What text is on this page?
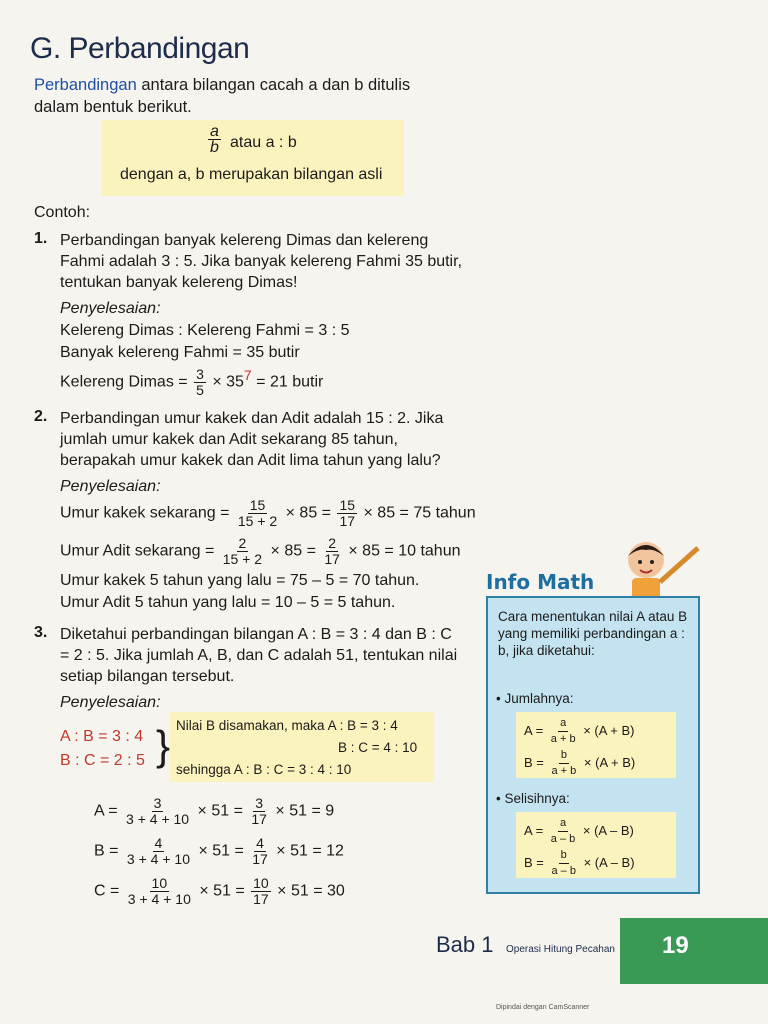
G. Perbandingan
Perbandingan antara bilangan cacah a dan b ditulis dalam bentuk berikut.
$\frac{a}{b}$ atau a : b
dengan a, b merupakan bilangan asli
Contoh:
1. Perbandingan banyak kelereng Dimas dan kelereng Fahmi adalah 3 : 5. Jika banyak kelereng Fahmi 35 butir, tentukan banyak kelereng Dimas!
Penyelesaian:
Kelereng Dimas : Kelereng Fahmi = 3 : 5
Banyak kelereng Fahmi = 35 butir
Kelereng Dimas = $\frac{3}{5} \times 35^7 = 21$ butir
2. Perbandingan umur kakek dan Adit adalah 15 : 2. Jika jumlah umur kakek dan Adit sekarang 85 tahun, berapakah umur kakek dan Adit lima tahun yang lalu?
Penyelesaian:
Umur kakek sekarang = $\frac{15}{15 + 2} \times 85 = \frac{15}{17} \times 85 = 75$ tahun
Umur Adit sekarang = $\frac{2}{15 + 2} \times 85 = \frac{2}{17} \times 85 = 10$ tahun
Umur kakek 5 tahun yang lalu = 75 – 5 = 70 tahun.
Umur Adit 5 tahun yang lalu = 10 – 5 = 5 tahun.
3. Diketahui perbandingan bilangan A : B = 3 : 4 dan B : C = 2 : 5. Jika jumlah A, B, dan C adalah 51, tentukan nilai setiap bilangan tersebut.
Penyelesaian:
A : B = 3 : 4
B : C = 2 : 5 } Nilai B disamakan, maka A : B = 3 : 4
B : C = 4 : 10
sehingga A : B : C = 3 : 4 : 10
$A = \frac{3}{3 + 4 + 10} \times 51 = \frac{3}{17} \times 51 = 9$
$B = \frac{4}{3 + 4 + 10} \times 51 = \frac{4}{17} \times 51 = 12$
$C = \frac{10}{3 + 4 + 10} \times 51 = \frac{10}{17} \times 51 = 30$
Info Math
Cara menentukan nilai A atau B yang memiliki perbandingan a : b, jika diketahui:
• Jumlahnya:
$A = \frac{a}{a + b} \times (A + B)$
$B = \frac{b}{a + b} \times (A + B)$
• Selisihnya:
$A = \frac{a}{a - b} \times (A - B)$
$B = \frac{b}{a - b} \times (A - B)$
Bab 1 Operasi Hitung Pecahan 19
Dipindai dengan CamScanner
